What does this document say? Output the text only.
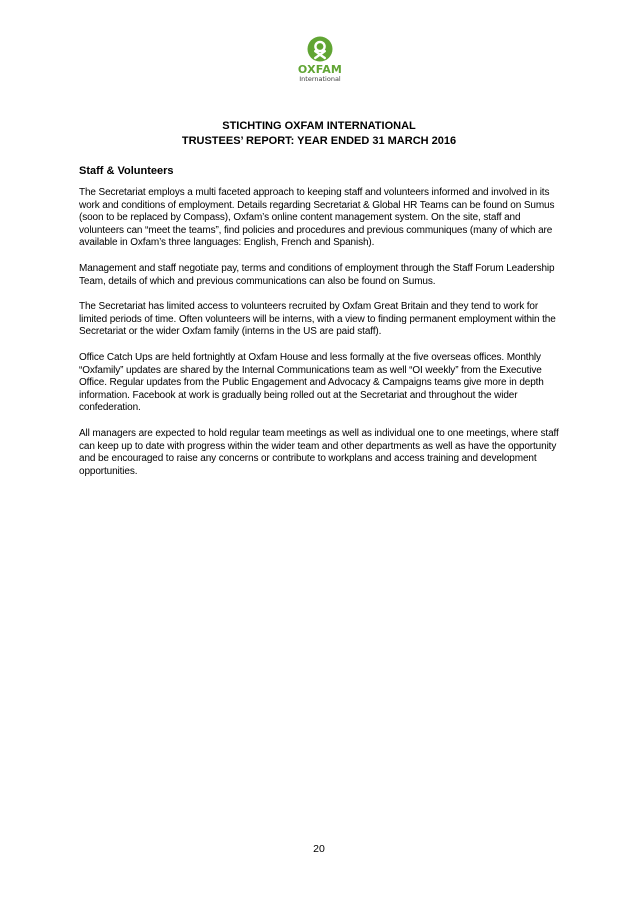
OXFAM
International
STICHTING OXFAM INTERNATIONAL
TRUSTEES’ REPORT: YEAR ENDED 31 MARCH 2016
Staff & Volunteers

The Secretariat employs a multi faceted approach to keeping staff and volunteers informed and involved in its work and conditions of employment. Details regarding Secretariat & Global HR Teams can be found on Sumus (soon to be replaced by Compass), Oxfam’s online content management system. On the site, staff and volunteers can “meet the teams”, find policies and procedures and previous communiques (many of which are available in Oxfam’s three languages: English, French and Spanish).

Management and staff negotiate pay, terms and conditions of employment through the Staff Forum Leadership Team, details of which and previous communications can also be found on Sumus.

The Secretariat has limited access to volunteers recruited by Oxfam Great Britain and they tend to work for limited periods of time. Often volunteers will be interns, with a view to finding permanent employment within the Secretariat or the wider Oxfam family (interns in the US are paid staff).

Office Catch Ups are held fortnightly at Oxfam House and less formally at the five overseas offices. Monthly “Oxfamily” updates are shared by the Internal Communications team as well “OI weekly” from the Executive Office. Regular updates from the Public Engagement and Advocacy & Campaigns teams give more in depth information. Facebook at work is gradually being rolled out at the Secretariat and throughout the wider confederation.

All managers are expected to hold regular team meetings as well as individual one to one meetings, where staff can keep up to date with progress within the wider team and other departments as well as have the opportunity and be encouraged to raise any concerns or contribute to workplans and access training and development opportunities.

20
